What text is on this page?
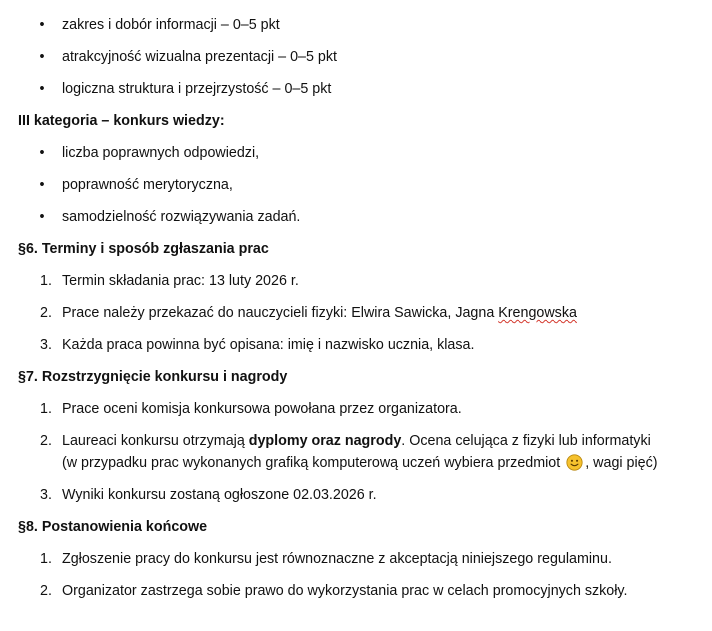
• zakres i dobór informacji – 0–5 pkt
• atrakcyjność wizualna prezentacji – 0–5 pkt
• logiczna struktura i przejrzystość – 0–5 pkt
III kategoria – konkurs wiedzy:
• liczba poprawnych odpowiedzi,
• poprawność merytoryczna,
• samodzielność rozwiązywania zadań.
§6. Terminy i sposób zgłaszania prac
1. Termin składania prac: 13 luty 2026 r.
2. Prace należy przekazać do nauczycieli fizyki: Elwira Sawicka, Jagna Krengowska
3. Każda praca powinna być opisana: imię i nazwisko ucznia, klasa.
§7. Rozstrzygnięcie konkursu i nagrody
1. Prace oceni komisja konkursowa powołana przez organizatora.
2. Laureaci konkursu otrzymają dyplomy oraz nagrody. Ocena celująca z fizyki lub informatyki
(w przypadku prac wykonanych grafiką komputerową uczeń wybiera przedmiot , wagi pięć)
3. Wyniki konkursu zostaną ogłoszone 02.03.2026 r.
§8. Postanowienia końcowe
1. Zgłoszenie pracy do konkursu jest równoznaczne z akceptacją niniejszego regulaminu.
2. Organizator zastrzega sobie prawo do wykorzystania prac w celach promocyjnych szkoły.
